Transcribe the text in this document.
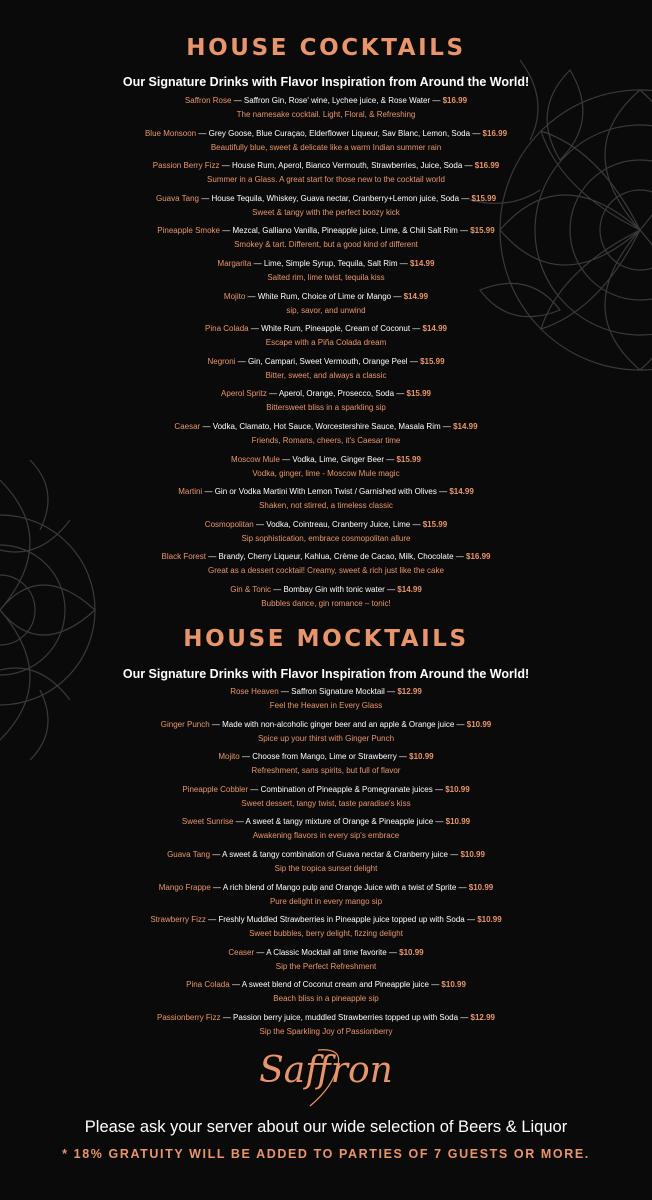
HOUSE COCKTAILS
Our Signature Drinks with Flavor Inspiration from Around the World!
Saffron Rose — Saffron Gin, Rose' wine, Lychee juice, & Rose Water — $16.99
The namesake cocktail. Light, Floral, & Refreshing
Blue Monsoon — Grey Goose, Blue Curaçao, Elderflower Liqueur, Sav Blanc, Lemon, Soda — $16.99
Beautifully blue, sweet & delicate like a warm Indian summer rain
Passion Berry Fizz — House Rum, Aperol, Bianco Vermouth, Strawberries, Juice, Soda — $16.99
Summer in a Glass. A great start for those new to the cocktail world
Guava Tang — House Tequila, Whiskey, Guava nectar, Cranberry+Lemon juice, Soda — $15.99
Sweet & tangy with the perfect boozy kick
Pineapple Smoke — Mezcal, Galliano Vanilla, Pineapple juice, Lime, & Chili Salt Rim — $15.99
Smokey & tart. Different, but a good kind of different
Margarita — Lime, Simple Syrup, Tequila, Salt Rim — $14.99
Salted rim, lime twist, tequila kiss
Mojito — White Rum, Choice of Lime or Mango — $14.99
sip, savor, and unwind
Pina Colada — White Rum, Pineapple, Cream of Coconut — $14.99
Escape with a Piña Colada dream
Negroni — Gin, Campari, Sweet Vermouth, Orange Peel — $15.99
Bitter, sweet, and always a classic
Aperol Spritz — Aperol, Orange, Prosecco, Soda — $15.99
Bittersweet bliss in a sparkling sip
Caesar — Vodka, Clamato, Hot Sauce, Worcestershire Sauce, Masala Rim — $14.99
Friends, Romans, cheers, it's Caesar time
Moscow Mule — Vodka, Lime, Ginger Beer — $15.99
Vodka, ginger, lime - Moscow Mule magic
Martini — Gin or Vodka Martini With Lemon Twist / Garnished with Olives — $14.99
Shaken, not stirred, a timeless classic
Cosmopolitan — Vodka, Cointreau, Cranberry Juice, Lime — $15.99
Sip sophistication, embrace cosmopolitan allure
Black Forest — Brandy, Cherry Liqueur, Kahlua, Crème de Cacao, Milk, Chocolate — $16.99
Great as a dessert cocktail! Creamy, sweet & rich just like the cake
Gin & Tonic — Bombay Gin with tonic water — $14.99
Bubbles dance, gin romance – tonic!
HOUSE MOCKTAILS
Our Signature Drinks with Flavor Inspiration from Around the World!
Rose Heaven — Saffron Signature Mocktail — $12.99
Feel the Heaven in Every Glass
Ginger Punch — Made with non-alcoholic ginger beer and an apple & Orange juice — $10.99
Spice up your thirst with Ginger Punch
Mojito — Choose from Mango, Lime or Strawberry — $10.99
Refreshment, sans spirits, but full of flavor
Pineapple Cobbler — Combination of Pineapple & Pomegranate juices — $10.99
Sweet dessert, tangy twist, taste paradise's kiss
Sweet Sunrise — A sweet & tangy mixture of Orange & Pineapple juice — $10.99
Awakening flavors in every sip's embrace
Guava Tang — A sweet & tangy combination of Guava nectar & Cranberry juice — $10.99
Sip the tropica sunset delight
Mango Frappe — A rich blend of Mango pulp and Orange Juice with a twist of Sprite — $10.99
Pure delight in every mango sip
Strawberry Fizz — Freshly Muddled Strawberries in Pineapple juice topped up with Soda — $10.99
Sweet bubbles, berry delight, fizzing delight
Ceaser — A Classic Mocktail all time favorite — $10.99
Sip the Perfect Refreshment
Pina Colada — A sweet blend of Coconut cream and Pineapple juice — $10.99
Beach bliss in a pineapple sip
Passionberry Fizz — Passion berry juice, muddled Strawberries topped up with Soda — $12.99
Sip the Sparkling Joy of Passionberry
Saffron
Please ask your server about our wide selection of Beers & Liquor
* 18% GRATUITY WILL BE ADDED TO PARTIES OF 7 GUESTS OR MORE.
